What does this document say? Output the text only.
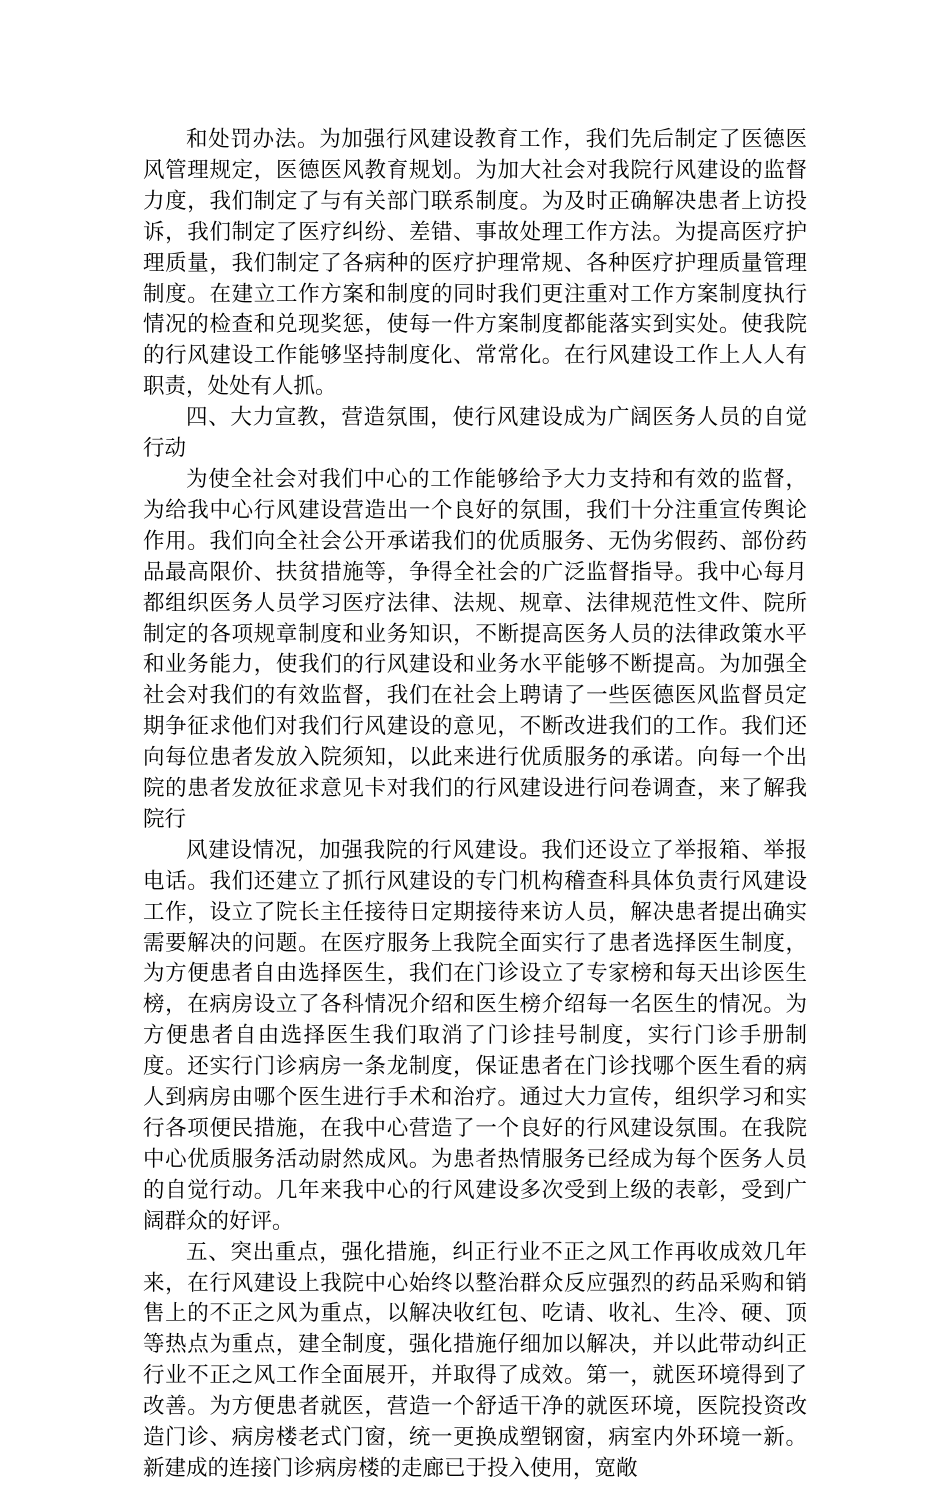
和处罚办法。为加强行风建设教育工作，我们先后制定了医德医风管理规定，医德医风教育规划。为加大社会对我院行风建设的监督力度，我们制定了与有关部门联系制度。为及时正确解决患者上访投诉，我们制定了医疗纠纷、差错、事故处理工作方法。为提高医疗护理质量，我们制定了各病种的医疗护理常规、各种医疗护理质量管理制度。在建立工作方案和制度的同时我们更注重对工作方案制度执行情况的检查和兑现奖惩，使每一件方案制度都能落实到实处。使我院的行风建设工作能够坚持制度化、常常化。在行风建设工作上人人有职责，处处有人抓。

四、大力宣教，营造氛围，使行风建设成为广阔医务人员的自觉行动

为使全社会对我们中心的工作能够给予大力支持和有效的监督，为给我中心行风建设营造出一个良好的氛围，我们十分注重宣传舆论作用。我们向全社会公开承诺我们的优质服务、无伪劣假药、部份药品最高限价、扶贫措施等，争得全社会的广泛监督指导。我中心每月都组织医务人员学习医疗法律、法规、规章、法律规范性文件、院所制定的各项规章制度和业务知识，不断提高医务人员的法律政策水平和业务能力，使我们的行风建设和业务水平能够不断提高。为加强全社会对我们的有效监督，我们在社会上聘请了一些医德医风监督员定期争征求他们对我们行风建设的意见，不断改进我们的工作。我们还向每位患者发放入院须知，以此来进行优质服务的承诺。向每一个出院的患者发放征求意见卡对我们的行风建设进行问卷调查，来了解我院行

风建设情况，加强我院的行风建设。我们还设立了举报箱、举报电话。我们还建立了抓行风建设的专门机构稽查科具体负责行风建设工作，设立了院长主任接待日定期接待来访人员，解决患者提出确实需要解决的问题。在医疗服务上我院全面实行了患者选择医生制度，为方便患者自由选择医生，我们在门诊设立了专家榜和每天出诊医生榜，在病房设立了各科情况介绍和医生榜介绍每一名医生的情况。为方便患者自由选择医生我们取消了门诊挂号制度，实行门诊手册制度。还实行门诊病房一条龙制度，保证患者在门诊找哪个医生看的病人到病房由哪个医生进行手术和治疗。通过大力宣传，组织学习和实行各项便民措施，在我中心营造了一个良好的行风建设氛围。在我院中心优质服务活动尉然成风。为患者热情服务已经成为每个医务人员的自觉行动。几年来我中心的行风建设多次受到上级的表彰，受到广阔群众的好评。

五、突出重点，强化措施，纠正行业不正之风工作再收成效几年来，在行风建设上我院中心始终以整治群众反应强烈的药品采购和销售上的不正之风为重点，以解决收红包、吃请、收礼、生冷、硬、顶等热点为重点，建全制度，强化措施仔细加以解决，并以此带动纠正行业不正之风工作全面展开，并取得了成效。第一，就医环境得到了改善。为方便患者就医，营造一个舒适干净的就医环境，医院投资改造门诊、病房楼老式门窗，统一更换成塑钢窗，病室内外环境一新。新建成的连接门诊病房楼的走廊已于投入使用，宽敞
